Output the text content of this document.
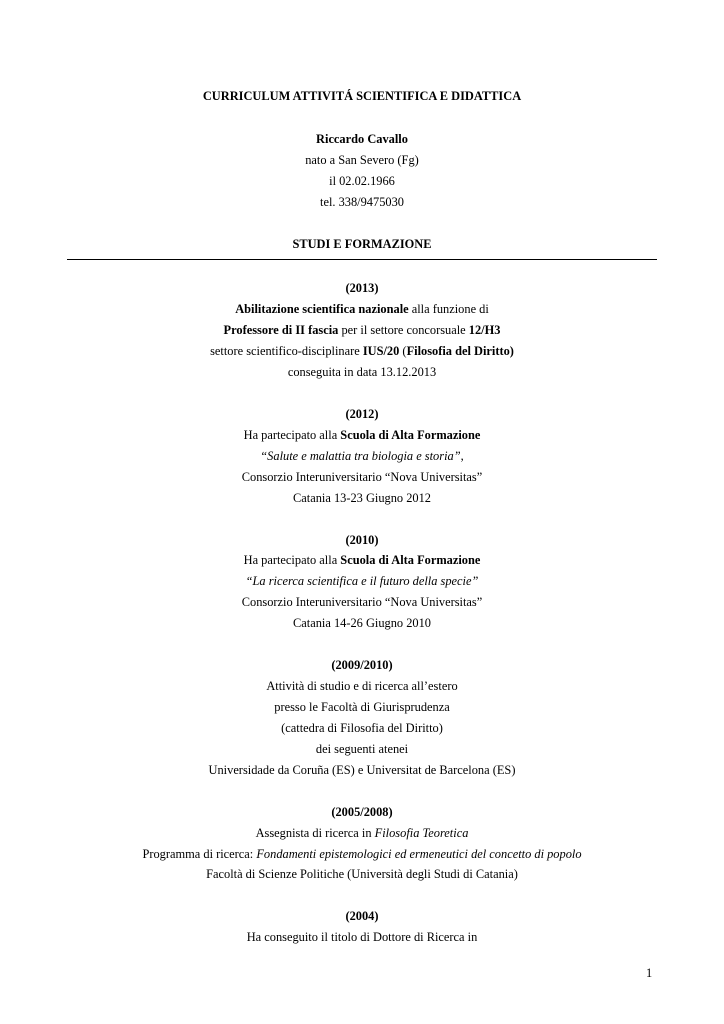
CURRICULUM ATTIVITÁ SCIENTIFICA E DIDATTICA
Riccardo Cavallo
nato a San Severo (Fg)
il 02.02.1966
tel. 338/9475030
STUDI E FORMAZIONE
(2013)
Abilitazione scientifica nazionale alla funzione di
Professore di II fascia per il settore concorsuale 12/H3
settore scientifico-disciplinare IUS/20 (Filosofia del Diritto)
conseguita in data 13.12.2013
(2012)
Ha partecipato alla Scuola di Alta Formazione
“Salute e malattia tra biologia e storia”,
Consorzio Interuniversitario “Nova Universitas”
Catania 13-23 Giugno 2012
(2010)
Ha partecipato alla Scuola di Alta Formazione
“La ricerca scientifica e il futuro della specie”
Consorzio Interuniversitario “Nova Universitas”
Catania 14-26 Giugno 2010
(2009/2010)
Attività di studio e di ricerca all’estero
presso le Facoltà di Giurisprudenza
(cattedra di Filosofia del Diritto)
dei seguenti atenei
Universidade da Coruña (ES) e Universitat de Barcelona (ES)
(2005/2008)
Assegnista di ricerca in Filosofia Teoretica
Programma di ricerca: Fondamenti epistemologici ed ermeneutici del concetto di popolo
Facoltà di Scienze Politiche (Università degli Studi di Catania)
(2004)
Ha conseguito il titolo di Dottore di Ricerca in
1
